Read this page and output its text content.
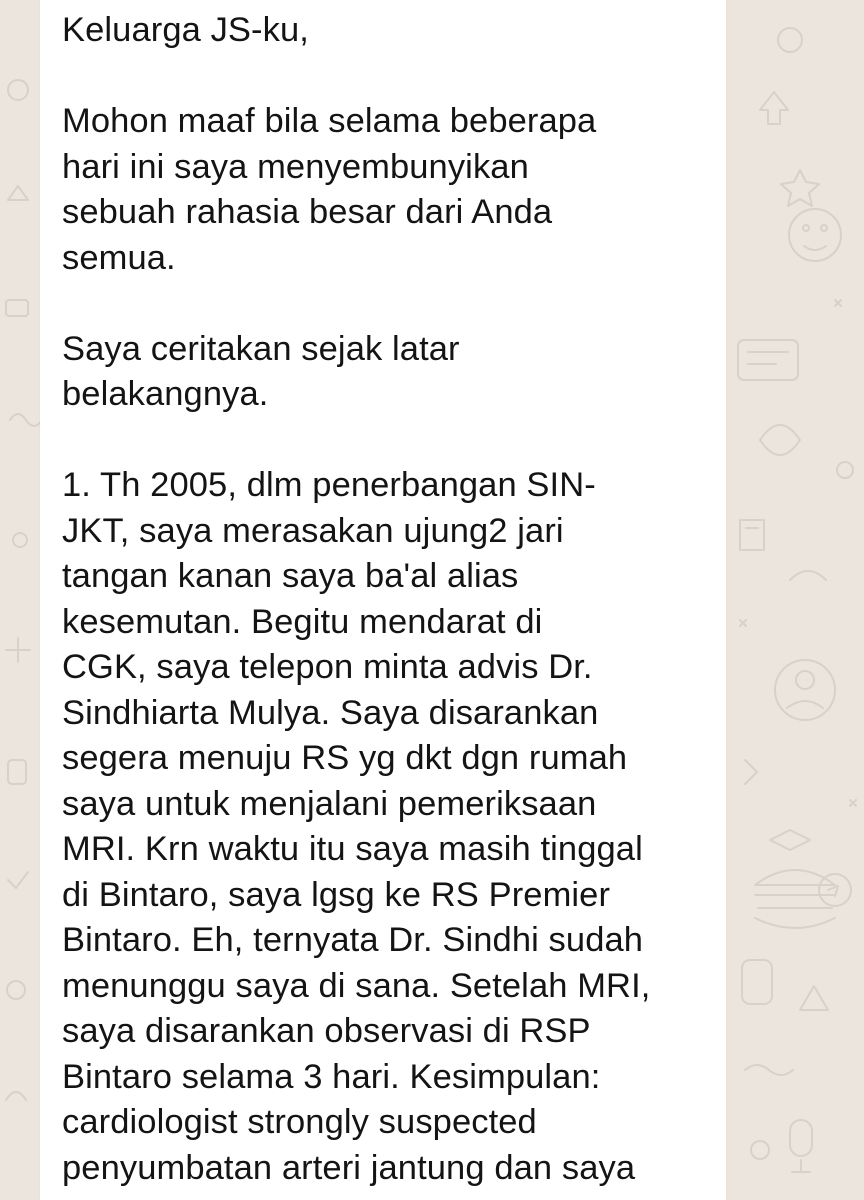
Keluarga JS-ku,

Mohon maaf bila selama beberapa
hari ini saya menyembunyikan
sebuah rahasia besar dari Anda
semua.

Saya ceritakan sejak latar
belakangnya.

1. Th 2005, dlm penerbangan SIN-
JKT, saya merasakan ujung2 jari
tangan kanan saya ba'al alias
kesemutan. Begitu mendarat di
CGK, saya telepon minta advis Dr.
Sindhiarta Mulya. Saya disarankan
segera menuju RS yg dkt dgn rumah
saya untuk menjalani pemeriksaan
MRI. Krn waktu itu saya masih tinggal
di Bintaro, saya lgsg ke RS Premier
Bintaro. Eh, ternyata Dr. Sindhi sudah
menunggu saya di sana. Setelah MRI,
saya disarankan observasi di RSP
Bintaro selama 3 hari. Kesimpulan:
cardiologist strongly suspected
penyumbatan arteri jantung dan saya
